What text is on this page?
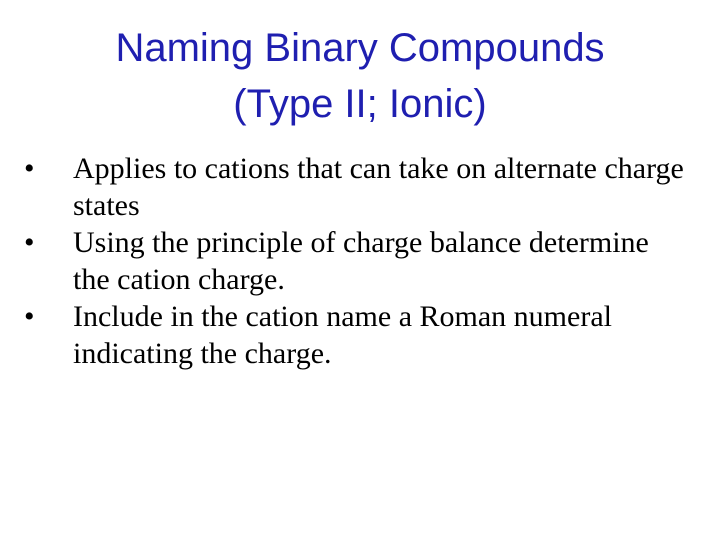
Naming Binary Compounds
(Type II; Ionic)
•	Applies to cations that can take on alternate charge states
•	Using the principle of charge balance determine the cation charge.
•	Include in the cation name a Roman numeral indicating the charge.
